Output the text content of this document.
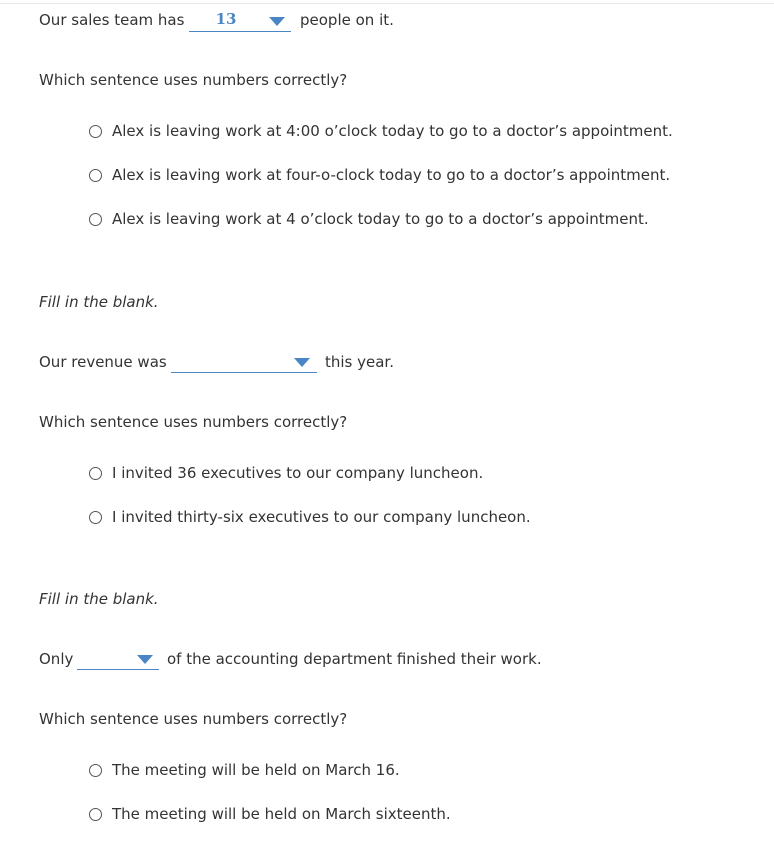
Our sales team has	13	people on it.
Which sentence uses numbers correctly?
Alex is leaving work at 4:00 o’clock today to go to a doctor’s appointment.
Alex is leaving work at four-o-clock today to go to a doctor’s appointment.
Alex is leaving work at 4 o’clock today to go to a doctor’s appointment.
Fill in the blank.
Our revenue was	this year.
Which sentence uses numbers correctly?
I invited 36 executives to our company luncheon.
I invited thirty-six executives to our company luncheon.
Fill in the blank.
Only	of the accounting department finished their work.
Which sentence uses numbers correctly?
The meeting will be held on March 16.
The meeting will be held on March sixteenth.
